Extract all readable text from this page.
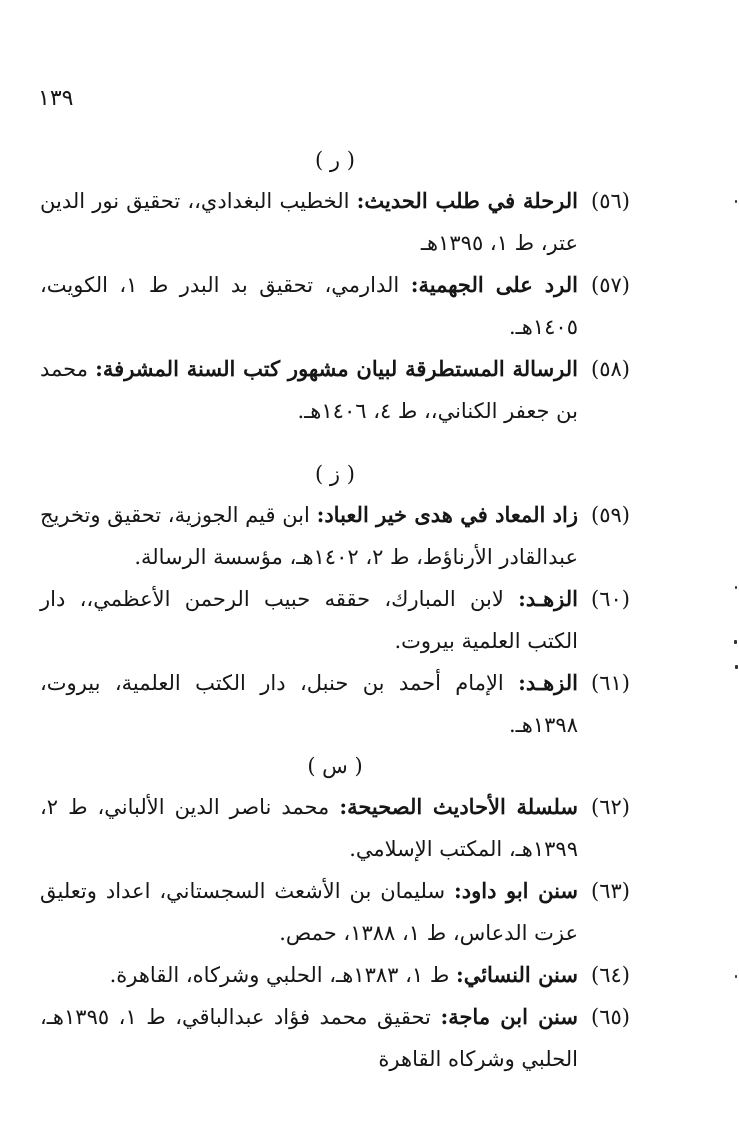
١٣٩
( ر )

(٥٦)
الرحلة في طلب الحديث: الخطيب البغدادي،، تحقيق نور الدين عتر، ط ١، ١٣٩٥هـ

(٥٧)
الرد على الجهمية: الدارمي، تحقيق بد البدر ط ١، الكويت، ١٤٠٥هـ.

(٥٨)
الرسالة المستطرقة لبيان مشهور كتب السنة المشرفة: محمد بن جعفر الكناني،، ط ٤، ١٤٠٦هـ.

( ز )

(٥٩)
زاد المعاد في هدى خير العباد: ابن قيم الجوزية، تحقيق وتخريج عبدالقادر الأرناؤط، ط ٢، ١٤٠٢هـ، مؤسسة الرسالة.

(٦٠)
الزهـد: لابن المبارك، حققه حبيب الرحمن الأعظمي،، دار الكتب العلمية بيروت.

(٦١)
الزهـد: الإمام أحمد بن حنبل، دار الكتب العلمية، بيروت، ١٣٩٨هـ.

( س )

(٦٢)
سلسلة الأحاديث الصحيحة: محمد ناصر الدين الألباني، ط ٢، ١٣٩٩هـ، المكتب الإسلامي.

(٦٣)
سنن ابو داود: سليمان بن الأشعث السجستاني، اعداد وتعليق عزت الدعاس، ط ١، ١٣٨٨، حمص.

(٦٤)
سنن النسائي: ط ١، ١٣٨٣هـ، الحلبي وشركاه، القاهرة.

(٦٥)
سنن ابن ماجة: تحقيق محمد فؤاد عبدالباقي، ط ١، ١٣٩٥هـ، الحلبي وشركاه القاهرة
